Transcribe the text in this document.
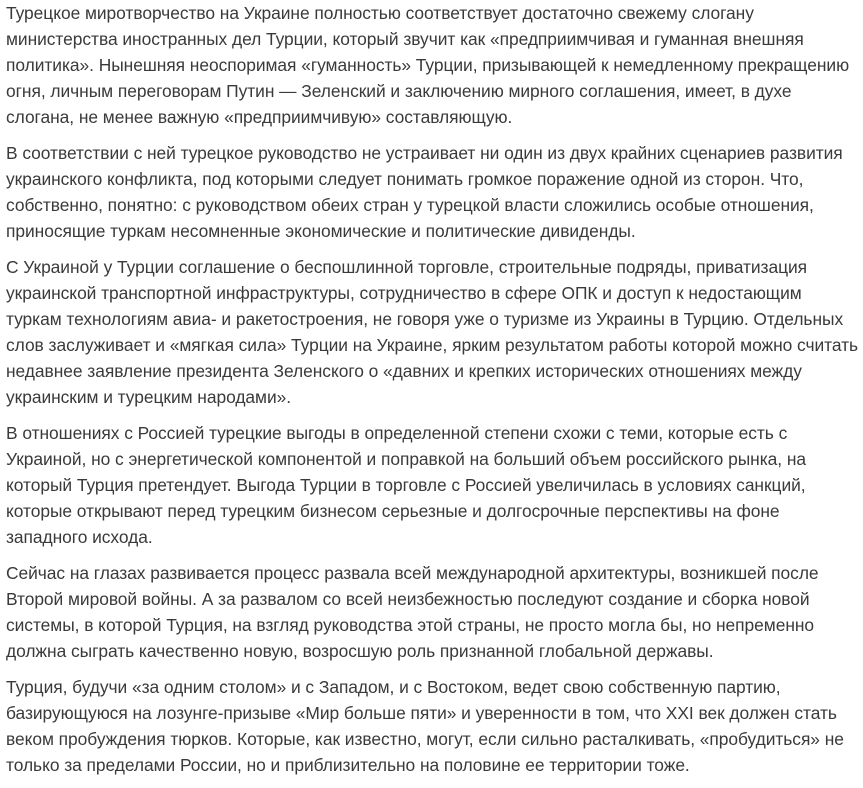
Турецкое миротворчество на Украине полностью соответствует достаточно свежему слогану министерства иностранных дел Турции, который звучит как «предприимчивая и гуманная внешняя политика». Нынешняя неоспоримая «гуманность» Турции, призывающей к немедленному прекращению огня, личным переговорам Путин — Зеленский и заключению мирного соглашения, имеет, в духе слогана, не менее важную «предприимчивую» составляющую.

В соответствии с ней турецкое руководство не устраивает ни один из двух крайних сценариев развития украинского конфликта, под которыми следует понимать громкое поражение одной из сторон. Что, собственно, понятно: с руководством обеих стран у турецкой власти сложились особые отношения, приносящие туркам несомненные экономические и политические дивиденды.

С Украиной у Турции соглашение о беспошлинной торговле, строительные подряды, приватизация украинской транспортной инфраструктуры, сотрудничество в сфере ОПК и доступ к недостающим туркам технологиям авиа- и ракетостроения, не говоря уже о туризме из Украины в Турцию. Отдельных слов заслуживает и «мягкая сила» Турции на Украине, ярким результатом работы которой можно считать недавнее заявление президента Зеленского о «давних и крепких исторических отношениях между украинским и турецким народами».

В отношениях с Россией турецкие выгоды в определенной степени схожи с теми, которые есть с Украиной, но с энергетической компонентой и поправкой на больший объем российского рынка, на который Турция претендует. Выгода Турции в торговле с Россией увеличилась в условиях санкций, которые открывают перед турецким бизнесом серьезные и долгосрочные перспективы на фоне западного исхода.

Сейчас на глазах развивается процесс развала всей международной архитектуры, возникшей после Второй мировой войны. А за развалом со всей неизбежностью последуют создание и сборка новой системы, в которой Турция, на взгляд руководства этой страны, не просто могла бы, но непременно должна сыграть качественно новую, возросшую роль признанной глобальной державы.

Турция, будучи «за одним столом» и с Западом, и с Востоком, ведет свою собственную партию, базирующуюся на лозунге-призыве «Мир больше пяти» и уверенности в том, что XXI век должен стать веком пробуждения тюрков. Которые, как известно, могут, если сильно расталкивать, «пробудиться» не только за пределами России, но и приблизительно на половине ее территории тоже.
